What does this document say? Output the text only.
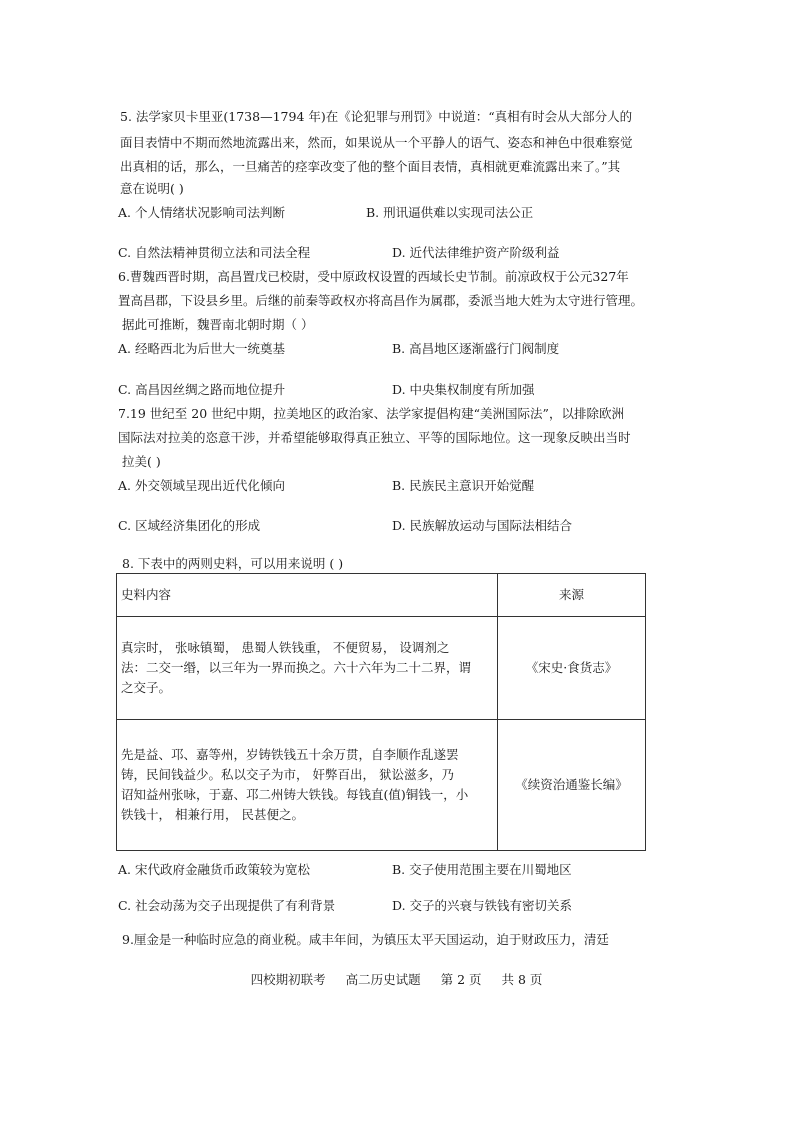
5. 法学家贝卡里亚(1738—1794 年)在《论犯罪与刑罚》中说道：“真相有时会从大部分人的
面目表情中不期而然地流露出来，然而，如果说从一个平静人的语气、姿态和神色中很难察觉
出真相的话，那么，一旦痛苦的痉挛改变了他的整个面目表情，真相就更难流露出来了。”其
意在说明( )
A. 个人情绪状况影响司法判断	B. 刑讯逼供难以实现司法公正
C. 自然法精神贯彻立法和司法全程	D. 近代法律维护资产阶级利益
6.曹魏西晋时期，高昌置戊已校尉，受中原政权设置的西域长史节制。前凉政权于公元327年
置高昌郡，下设县乡里。后继的前秦等政权亦将高昌作为属郡，委派当地大姓为太守进行管理。
据此可推断，魏晋南北朝时期（ ）
A. 经略西北为后世大一统奠基	B. 高昌地区逐渐盛行门阀制度
C. 高昌因丝绸之路而地位提升	D. 中央集权制度有所加强
7.19 世纪至 20 世纪中期，拉美地区的政治家、法学家提倡构建“美洲国际法”，以排除欧洲
国际法对拉美的恣意干涉，并希望能够取得真正独立、平等的国际地位。这一现象反映出当时
拉美( )
A. 外交领域呈现出近代化倾向	B. 民族民主意识开始觉醒
C. 区域经济集团化的形成	D. 民族解放运动与国际法相结合
8. 下表中的两则史料，可以用来说明 ( )
史料内容	来源

真宗时， 张咏镇蜀， 患蜀人铁钱重， 不便贸易， 设调剂之
法：二交一缗，以三年为一界而换之。六十六年为二十二界，谓
之交子。	《宋史·食货志》

先是益、邛、嘉等州，岁铸铁钱五十余万贯，自李顺作乱遂罢
铸，民间钱益少。私以交子为市， 奸弊百出， 狱讼滋多，乃
诏知益州张咏，于嘉、邛二州铸大铁钱。每钱直(值)铜钱一，小
铁钱十， 相兼行用， 民甚便之。	《续资治通鉴长编》
A. 宋代政府金融货币政策较为宽松	B. 交子使用范围主要在川蜀地区
C. 社会动荡为交子出现提供了有利背景	D. 交子的兴衰与铁钱有密切关系
9.厘金是一种临时应急的商业税。咸丰年间，为镇压太平天国运动，迫于财政压力，清廷
四校期初联考 高二历史试题 第 2 页 共 8 页
